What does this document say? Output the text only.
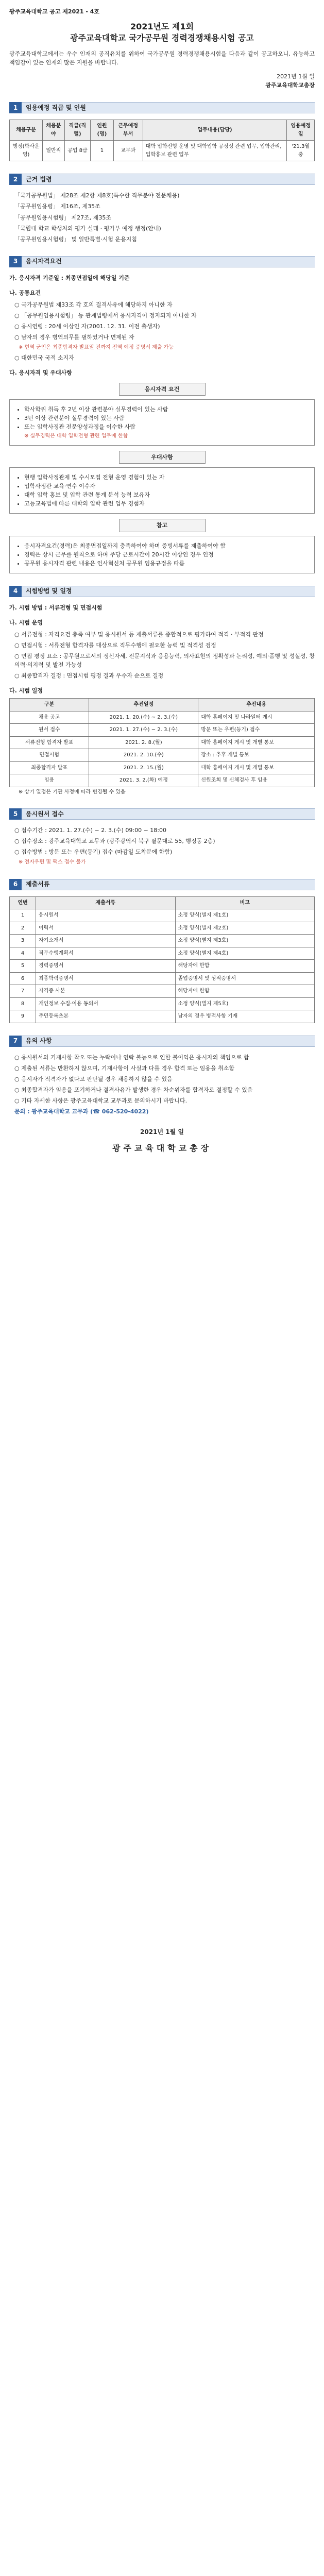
광주교육대학교 공고 제2021 - 4호
2021년도 제1회
광주교육대학교 국가공무원 경력경쟁채용시험 공고
광주교육대학교에서는 우수 인재의 공직유치를 위하여 국가공무원 경력경쟁채용시험을 다음과 같이 공고하오니, 유능하고 책임감이 있는 인재의 많은 지원을 바랍니다.
2021년 1월 일
광주교육대학교총장
1	임용예정 직급 및 인원
채용구분	채용분야	직급(직렬)	인원(명)	근무예정부서	업무내용(담당)	임용예정일
행정(학사운영)	일반직	공업 8급	1	교무과	대학 입학전형 운영 및 대학입학 공정성 관련 업무, 입학관리, 입학홍보 관련 업무	'21.3월 중
2	근거 법령
「국가공무원법」 제28조 제2항 제8호(특수한 직무분야 전문채용)
「공무원임용령」 제16조, 제35조
「공무원임용시험령」 제27조, 제35조
「국립대 학교 학생처의 평가 실태 · 평가부 예정 행정(안내)
「공무원임용시험령」 및 일반특별·시험 운용지침
3	응시자격요건
가. 응시자격 기준일 : 최종면접일에 해당일 기준
나. 공통요건
○ 국가공무원법 제33조 각 호의 결격사유에 해당하지 아니한 자
○ 「공무원임용시험령」 등 관계법령에서 응시자격이 정지되지 아니한 자
○ 응시연령 : 20세 이상인 자(2001. 12. 31. 이전 출생자)
○ 남자의 경우 병역의무를 필하였거나 면제된 자
※ 현역 군인은 최종합격자 발표일 전까지 전역 예정 증명서 제출 가능
○ 대한민국 국적 소지자
다. 응시자격 및 우대사항
응시자격 요건
• 학사학위 취득 후 2년 이상 관련분야 실무경력이 있는 사람
• 3년 이상 관련분야 실무경력이 있는 사람
• 또는 입학사정관 전문양성과정을 이수한 사람
※ 실무경력은 대학 입학전형 관련 업무에 한함
우대사항
• 현행 입학사정관제 및 수시모집 전형 운영 경험이 있는 자
• 입학사정관 교육·연수 이수자
• 대학 입학 홍보 및 입학 관련 통계 분석 능력 보유자
• 고등교육법에 따른 대학의 입학 관련 업무 경험자
참고
• 응시자격요건(경력)은 최종면접일까지 충족하여야 하며 증빙서류를 제출하여야 함
• 경력은 상시 근무를 원칙으로 하며 주당 근로시간이 20시간 이상인 경우 인정
• 공무원 응시자격 관련 내용은 인사혁신처 공무원 임용규정을 따름
4	시험방법 및 일정
가. 시험 방법 : 서류전형 및 면접시험
나. 시험 운영
○ 서류전형 : 자격요건 충족 여부 및 응시원서 등 제출서류를 종합적으로 평가하여 적격 · 부적격 판정
○ 면접시험 : 서류전형 합격자를 대상으로 직무수행에 필요한 능력 및 적격성 검정
○ 면접 평정 요소 : 공무원으로서의 정신자세, 전문지식과 응용능력, 의사표현의 정확성과 논리성, 예의·품행 및 성실성, 창의력·의지력 및 발전 가능성
○ 최종합격자 결정 : 면접시험 평정 결과 우수자 순으로 결정
다. 시험 일정
구분	추진일정	추진내용
채용 공고	2021. 1. 20.(수) ~ 2. 3.(수)	대학 홈페이지 및 나라일터 게시
원서 접수	2021. 1. 27.(수) ~ 2. 3.(수)	방문 또는 우편(등기) 접수
서류전형 합격자 발표	2021. 2. 8.(월)	대학 홈페이지 게시 및 개별 통보
면접시험	2021. 2. 10.(수)	장소 : 추후 개별 통보
최종합격자 발표	2021. 2. 15.(월)	대학 홈페이지 게시 및 개별 통보
임용	2021. 3. 2.(화) 예정	신원조회 및 신체검사 후 임용
※ 상기 일정은 기관 사정에 따라 변경될 수 있음
5	응시원서 접수
○ 접수기간 : 2021. 1. 27.(수) ~ 2. 3.(수) 09:00 ~ 18:00
○ 접수장소 : 광주교육대학교 교무과 (광주광역시 북구 필문대로 55, 행정동 2층)
○ 접수방법 : 방문 또는 우편(등기) 접수 (마감일 도착분에 한함)
※ 전자우편 및 팩스 접수 불가
6	제출서류
연번	제출서류	비고
1	응시원서	소정 양식(별지 제1호)
2	이력서	소정 양식(별지 제2호)
3	자기소개서	소정 양식(별지 제3호)
4	직무수행계획서	소정 양식(별지 제4호)
5	경력증명서	해당자에 한함
6	최종학력증명서	졸업증명서 및 성적증명서
7	자격증 사본	해당자에 한함
8	개인정보 수집·이용 동의서	소정 양식(별지 제5호)
9	주민등록초본	남자의 경우 병적사항 기재
7	유의 사항
○ 응시원서의 기재사항 착오 또는 누락이나 연락 불능으로 인한 불이익은 응시자의 책임으로 함
○ 제출된 서류는 반환하지 않으며, 기재사항이 사실과 다를 경우 합격 또는 임용을 취소함
○ 응시자가 적격자가 없다고 판단될 경우 채용하지 않을 수 있음
○ 최종합격자가 임용을 포기하거나 결격사유가 발생한 경우 차순위자를 합격자로 결정할 수 있음
○ 기타 자세한 사항은 광주교육대학교 교무과로 문의하시기 바랍니다.
문의 : 광주교육대학교 교무과 (☎ 062-520-4022)
2021년 1월 일
광주교육대학교총장
